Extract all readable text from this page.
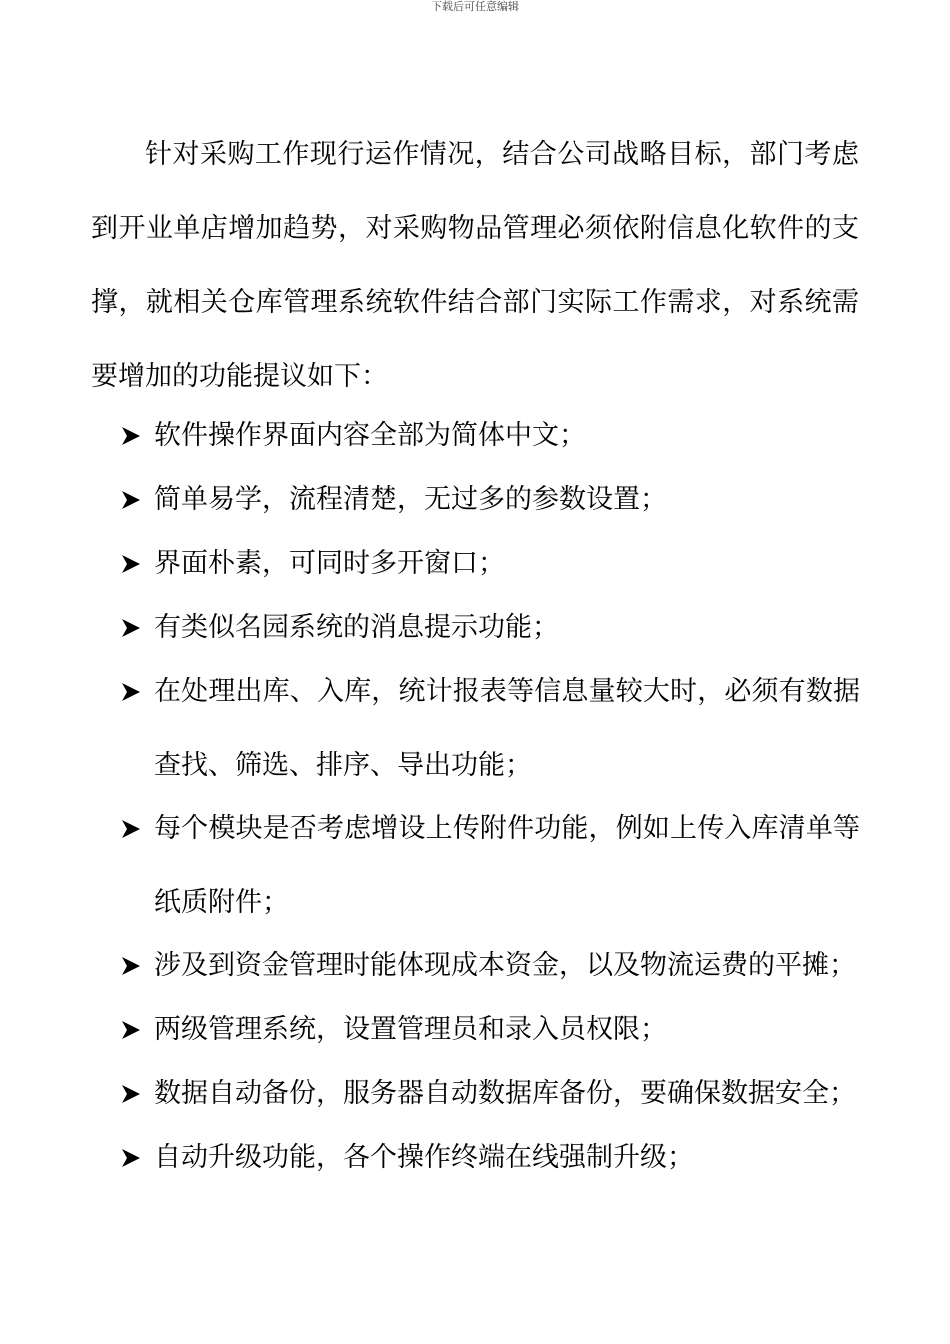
下载后可任意编辑

针对采购工作现行运作情况，结合公司战略目标，部门考虑到开业单店增加趋势，对采购物品管理必须依附信息化软件的支撑，就相关仓库管理系统软件结合部门实际工作需求，对系统需要增加的功能提议如下：

软件操作界面内容全部为简体中文；
简单易学，流程清楚，无过多的参数设置；
界面朴素，可同时多开窗口；
有类似名园系统的消息提示功能；
在处理出库、入库，统计报表等信息量较大时，必须有数据查找、筛选、排序、导出功能；
每个模块是否考虑增设上传附件功能，例如上传入库清单等纸质附件；
涉及到资金管理时能体现成本资金，以及物流运费的平摊；
两级管理系统，设置管理员和录入员权限；
数据自动备份，服务器自动数据库备份，要确保数据安全；
自动升级功能，各个操作终端在线强制升级；
